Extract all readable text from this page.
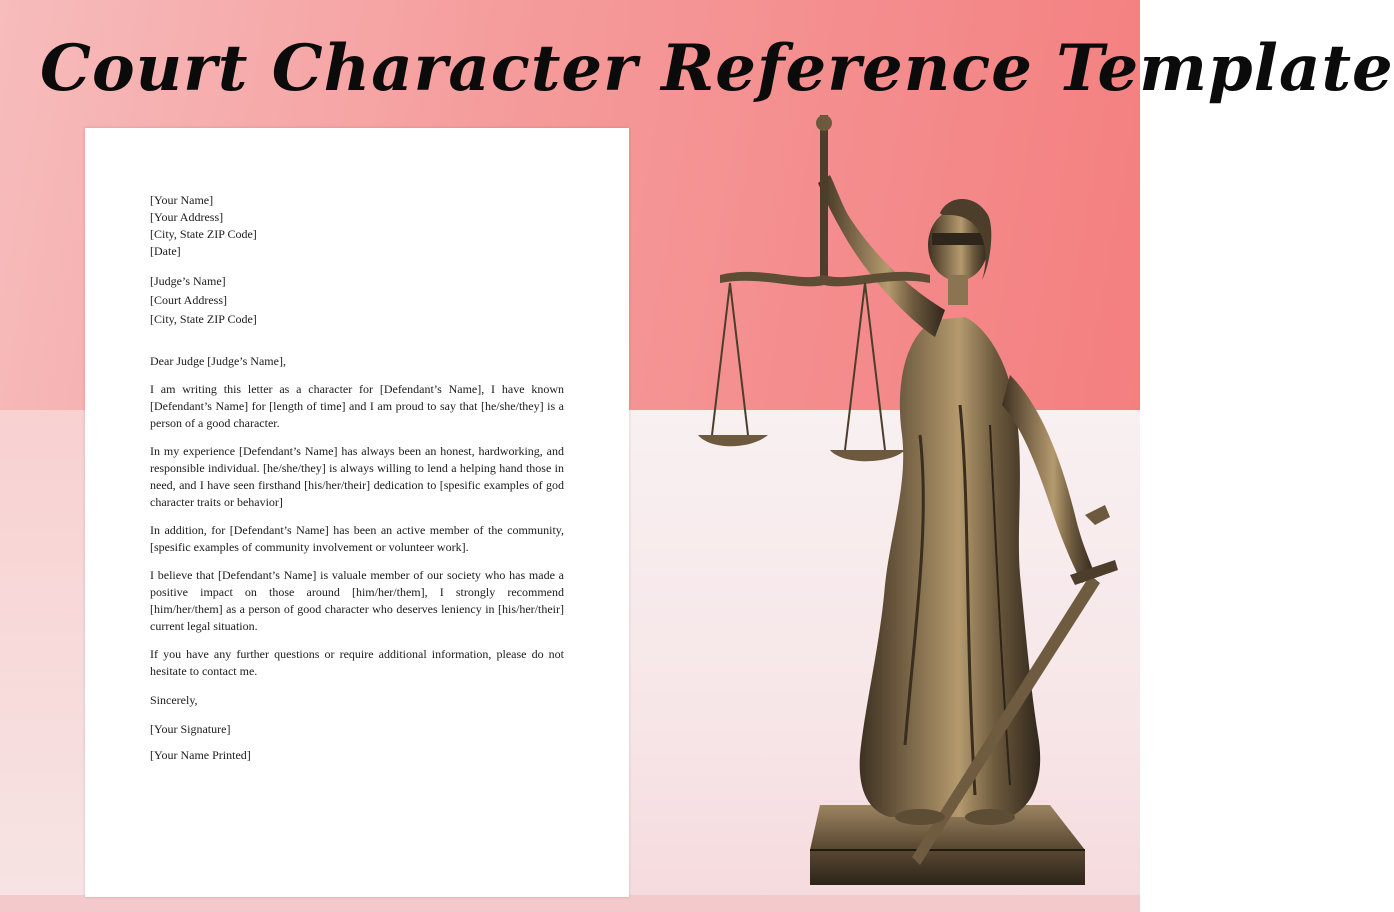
Court Character Reference Template
[Your Name]
[Your Address]
[City, State ZIP Code]
[Date]
[Judge’s Name]
[Court Address]
[City, State ZIP Code]

Dear Judge [Judge’s Name],

I am writing this letter as a character for [Defendant’s Name], I have known [Defendant’s Name] for [length of time] and I am proud to say that [he/she/they] is a person of a good character.

In my experience [Defendant’s Name] has always been an honest, hardworking, and responsible individual. [he/she/they] is always willing to lend a helping hand those in need, and I have seen firsthand [his/her/their] dedication to [spesific examples of god character traits or behavior]

In addition, for [Defendant’s Name] has been an active member of the community, [spesific examples of community involvement or volunteer work].

I believe that [Defendant’s Name] is valuale member of our society who has made a positive impact on those around [him/her/them], I strongly recommend [him/her/them] as a person of good character who deserves leniency in [his/her/their] current legal situation.

If you have any further questions or require additional information, please do not hesitate to contact me.

Sincerely,

[Your Signature]

[Your Name Printed]
